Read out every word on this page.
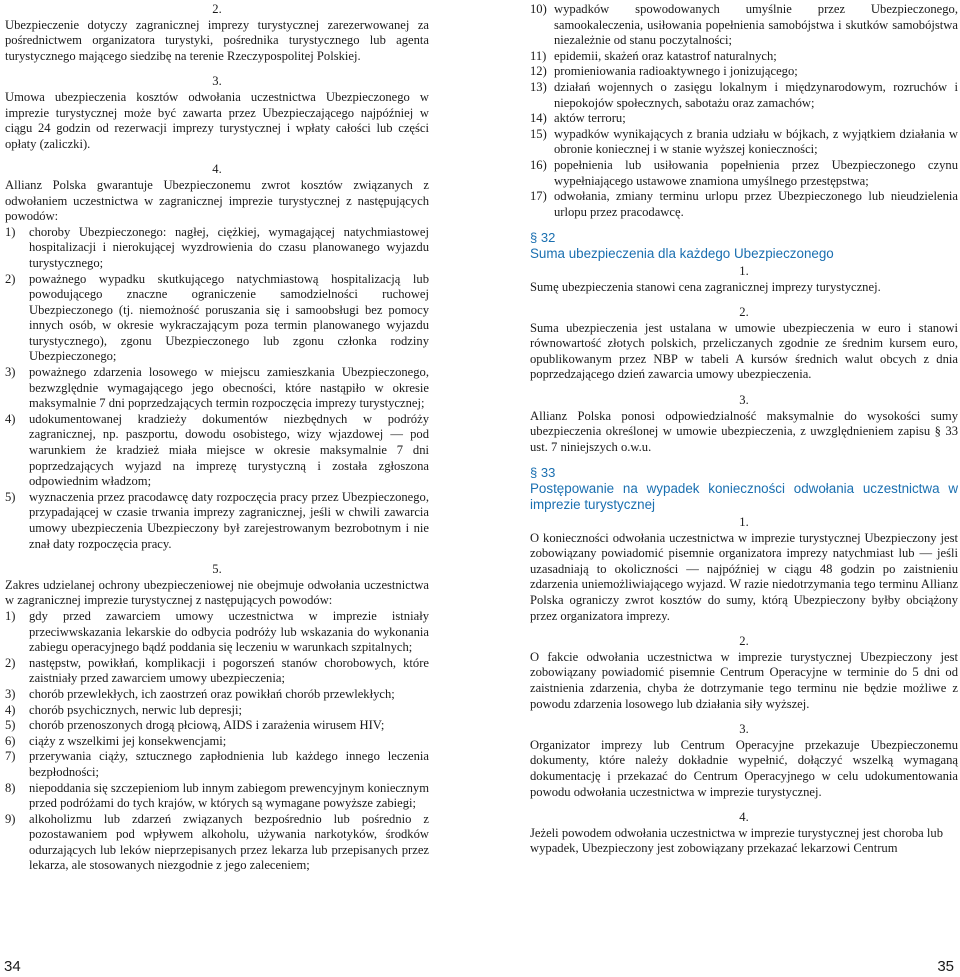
2.

Ubezpieczenie dotyczy zagranicznej imprezy turystycznej zarezerwowanej za pośrednictwem organizatora turystyki, pośrednika turystycznego lub agenta turystycznego mającego siedzibę na terenie Rzeczypospolitej Polskiej.

3.

Umowa ubezpieczenia kosztów odwołania uczestnictwa Ubezpieczonego w imprezie turystycznej może być zawarta przez Ubezpieczającego najpóźniej w ciągu 24 godzin od rezerwacji imprezy turystycznej i wpłaty całości lub części opłaty (zaliczki).

4.

Allianz Polska gwarantuje Ubezpieczonemu zwrot kosztów związanych z odwołaniem uczestnictwa w zagranicznej imprezie turystycznej z następujących powodów:

1)	choroby Ubezpieczonego: nagłej, ciężkiej, wymagającej natychmiastowej hospitalizacji i nierokującej wyzdrowienia do czasu planowanego wyjazdu turystycznego;
2)	poważnego wypadku skutkującego natychmiastową hospitalizacją lub powodującego znaczne ograniczenie samodzielności ruchowej Ubezpieczonego (tj. niemożność poruszania się i samoobsługi bez pomocy innych osób, w okresie wykraczającym poza termin planowanego wyjazdu turystycznego), zgonu Ubezpieczonego lub zgonu członka rodziny Ubezpieczonego;
3)	poważnego zdarzenia losowego w miejscu zamieszkania Ubezpieczonego, bezwzględnie wymagającego jego obecności, które nastąpiło w okresie maksymalnie 7 dni poprzedzających termin rozpoczęcia imprezy turystycznej;
4)	udokumentowanej kradzieży dokumentów niezbędnych w podróży zagranicznej, np. paszportu, dowodu osobistego, wizy wjazdowej — pod warunkiem że kradzież miała miejsce w okresie maksymalnie 7 dni poprzedzających wyjazd na imprezę turystyczną i została zgłoszona odpowiednim władzom;
5)	wyznaczenia przez pracodawcę daty rozpoczęcia pracy przez Ubezpieczonego, przypadającej w czasie trwania imprezy zagranicznej, jeśli w chwili zawarcia umowy ubezpieczenia Ubezpieczony był zarejestrowanym bezrobotnym i nie znał daty rozpoczęcia pracy.

5.

Zakres udzielanej ochrony ubezpieczeniowej nie obejmuje odwołania uczestnictwa w zagranicznej imprezie turystycznej z następujących powodów:

1)	gdy przed zawarciem umowy uczestnictwa w imprezie istniały przeciwwskazania lekarskie do odbycia podróży lub wskazania do wykonania zabiegu operacyjnego bądź poddania się leczeniu w warunkach szpitalnych;
2)	następstw, powikłań, komplikacji i pogorszeń stanów chorobowych, które zaistniały przed zawarciem umowy ubezpieczenia;
3)	chorób przewlekłych, ich zaostrzeń oraz powikłań chorób przewlekłych;
4)	chorób psychicznych, nerwic lub depresji;
5)	chorób przenoszonych drogą płciową, AIDS i zarażenia wirusem HIV;
6)	ciąży z wszelkimi jej konsekwencjami;
7)	przerywania ciąży, sztucznego zapłodnienia lub każdego innego leczenia bezpłodności;
8)	niepoddania się szczepieniom lub innym zabiegom prewencyjnym koniecznym przed podróżami do tych krajów, w których są wymagane powyższe zabiegi;
9)	alkoholizmu lub zdarzeń związanych bezpośrednio lub pośrednio z pozostawaniem pod wpływem alkoholu, używania narkotyków, środków odurzających lub leków nieprzepisanych przez lekarza lub przepisanych przez lekarza, ale stosowanych niezgodnie z jego zaleceniem;
10) wypadków spowodowanych umyślnie przez Ubezpieczonego, samookaleczenia, usiłowania popełnienia samobójstwa i skutków samobójstwa niezależnie od stanu poczytalności;
11) epidemii, skażeń oraz katastrof naturalnych;
12) promieniowania radioaktywnego i jonizującego;
13) działań wojennych o zasięgu lokalnym i międzynarodowym, rozruchów i niepokojów społecznych, sabotażu oraz zamachów;
14) aktów terroru;
15) wypadków wynikających z brania udziału w bójkach, z wyjątkiem działania w obronie koniecznej i w stanie wyższej konieczności;
16) popełnienia lub usiłowania popełnienia przez Ubezpieczonego czynu wypełniającego ustawowe znamiona umyślnego przestępstwa;
17) odwołania, zmiany terminu urlopu przez Ubezpieczonego lub nieudzielenia urlopu przez pracodawcę.

§ 32

Suma ubezpieczenia dla każdego Ubezpieczonego

1.

Sumę ubezpieczenia stanowi cena zagranicznej imprezy turystycznej.

2.

Suma ubezpieczenia jest ustalana w umowie ubezpieczenia w euro i stanowi równowartość złotych polskich, przeliczanych zgodnie ze średnim kursem euro, opublikowanym przez NBP w tabeli A kursów średnich walut obcych z dnia poprzedzającego dzień zawarcia umowy ubezpieczenia.

3.

Allianz Polska ponosi odpowiedzialność maksymalnie do wysokości sumy ubezpieczenia określonej w umowie ubezpieczenia, z uwzględnieniem zapisu § 33 ust. 7 niniejszych o.w.u.

§ 33

Postępowanie na wypadek konieczności odwołania uczestnictwa w imprezie turystycznej

1.

O konieczności odwołania uczestnictwa w imprezie turystycznej Ubezpieczony jest zobowiązany powiadomić pisemnie organizatora imprezy natychmiast lub — jeśli uzasadniają to okoliczności — najpóźniej w ciągu 48 godzin po zaistnieniu zdarzenia uniemożliwiającego wyjazd. W razie niedotrzymania tego terminu Allianz Polska ograniczy zwrot kosztów do sumy, którą Ubezpieczony byłby obciążony przez organizatora imprezy.

2.

O fakcie odwołania uczestnictwa w imprezie turystycznej Ubezpieczony jest zobowiązany powiadomić pisemnie Centrum Operacyjne w terminie do 5 dni od zaistnienia zdarzenia, chyba że dotrzymanie tego terminu nie będzie możliwe z powodu zdarzenia losowego lub działania siły wyższej.

3.

Organizator imprezy lub Centrum Operacyjne przekazuje Ubezpieczonemu dokumenty, które należy dokładnie wypełnić, dołączyć wszelką wymaganą dokumentację i przekazać do Centrum Operacyjnego w celu udokumentowania powodu odwołania uczestnictwa w imprezie turystycznej.

4.

Jeżeli powodem odwołania uczestnictwa w imprezie turystycznej jest choroba lub wypadek, Ubezpieczony jest zobowiązany przekazać lekarzowi Centrum

34	35
